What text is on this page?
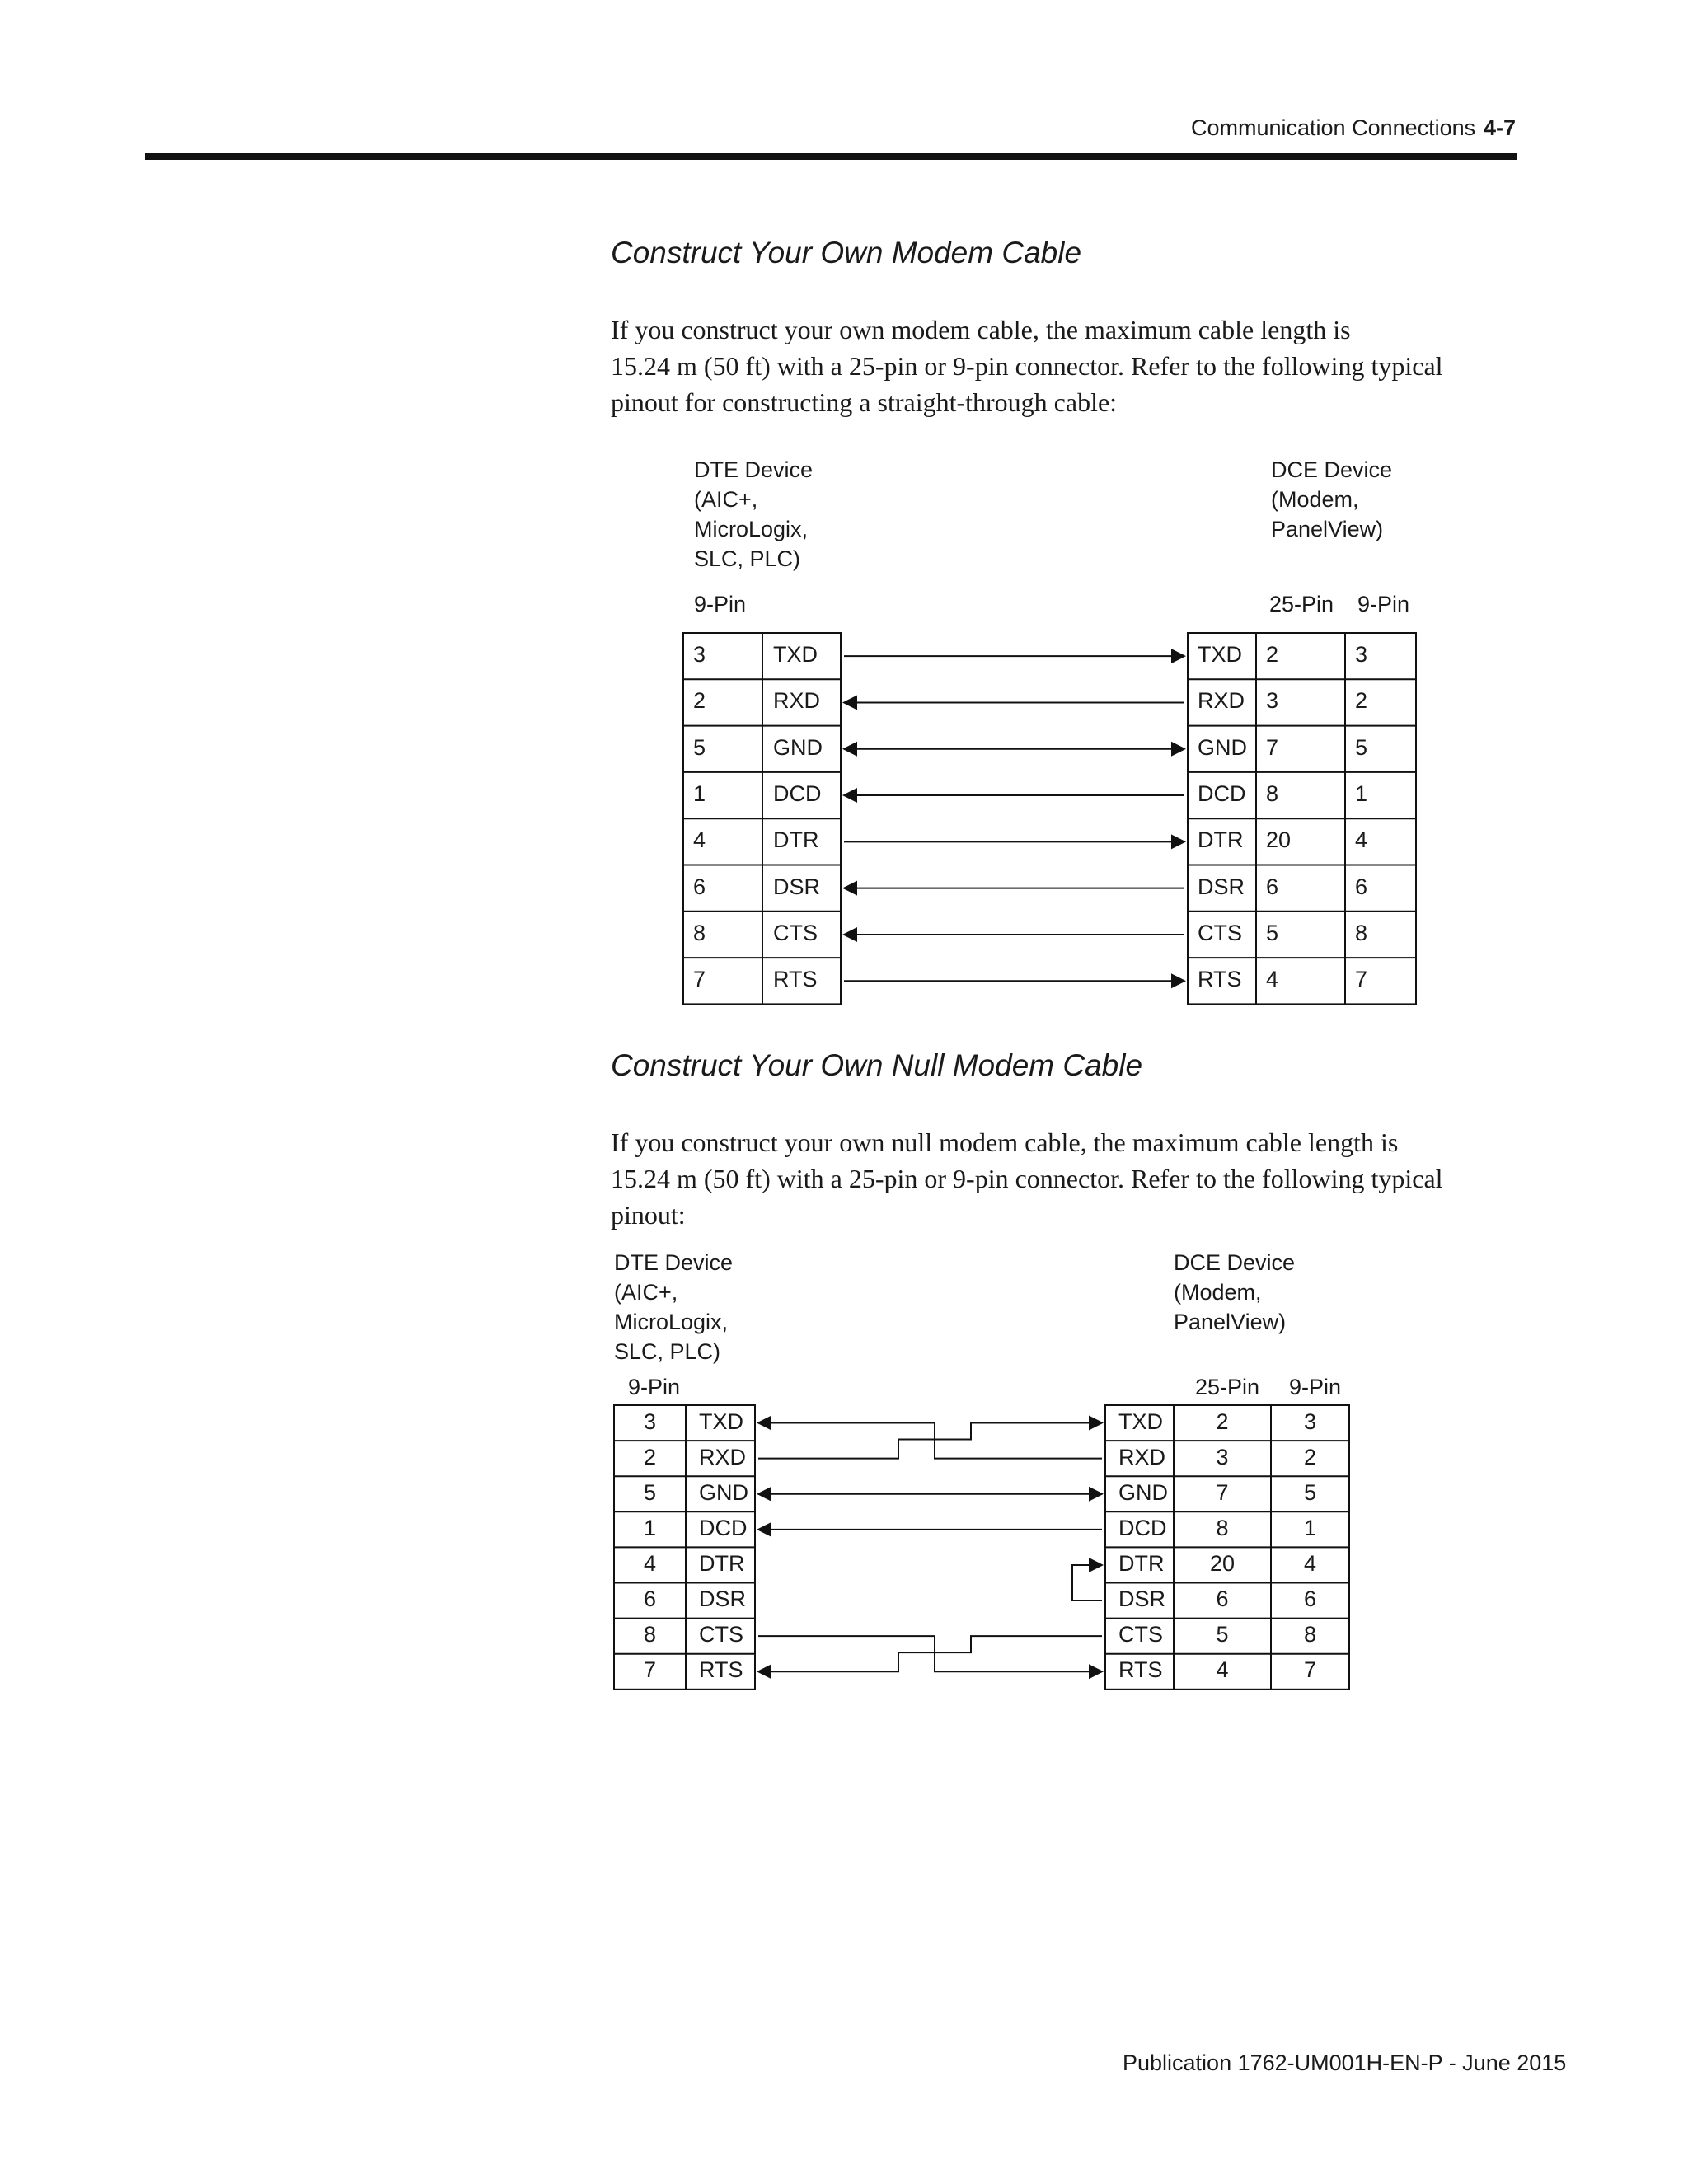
Communication Connections 4-7
Construct Your Own Modem Cable
If you construct your own modem cable, the maximum cable length is
15.24 m (50 ft) with a 25-pin or 9-pin connector. Refer to the following typical
pinout for constructing a straight-through cable:
DTE Device
(AIC+,
MicroLogix,
SLC, PLC)
DCE Device
(Modem,
PanelView)
9-Pin	25-Pin 9-Pin
3	TXD	TXD 2	3
2	RXD	RXD 3	2
5	GND	GND 7	5
1	DCD	DCD 8	1
4	DTR	DTR 20	4
6	DSR	DSR 6	6
8	CTS	CTS 5	8
7	RTS	RTS 4	7
Construct Your Own Null Modem Cable
If you construct your own null modem cable, the maximum cable length is
15.24 m (50 ft) with a 25-pin or 9-pin connector. Refer to the following typical
pinout:
DTE Device
(AIC+,
MicroLogix,
SLC, PLC)
DCE Device
(Modem,
PanelView)
9-Pin	25-Pin 9-Pin
3	TXD	TXD	2	3
2	RXD	RXD	3	2
5	GND	GND	7	5
1	DCD	DCD	8	1
4	DTR	DTR	20	4
6	DSR	DSR	6	6
8	CTS	CTS	5	8
7	RTS	RTS	4	7
Publication 1762-UM001H-EN-P - June 2015
